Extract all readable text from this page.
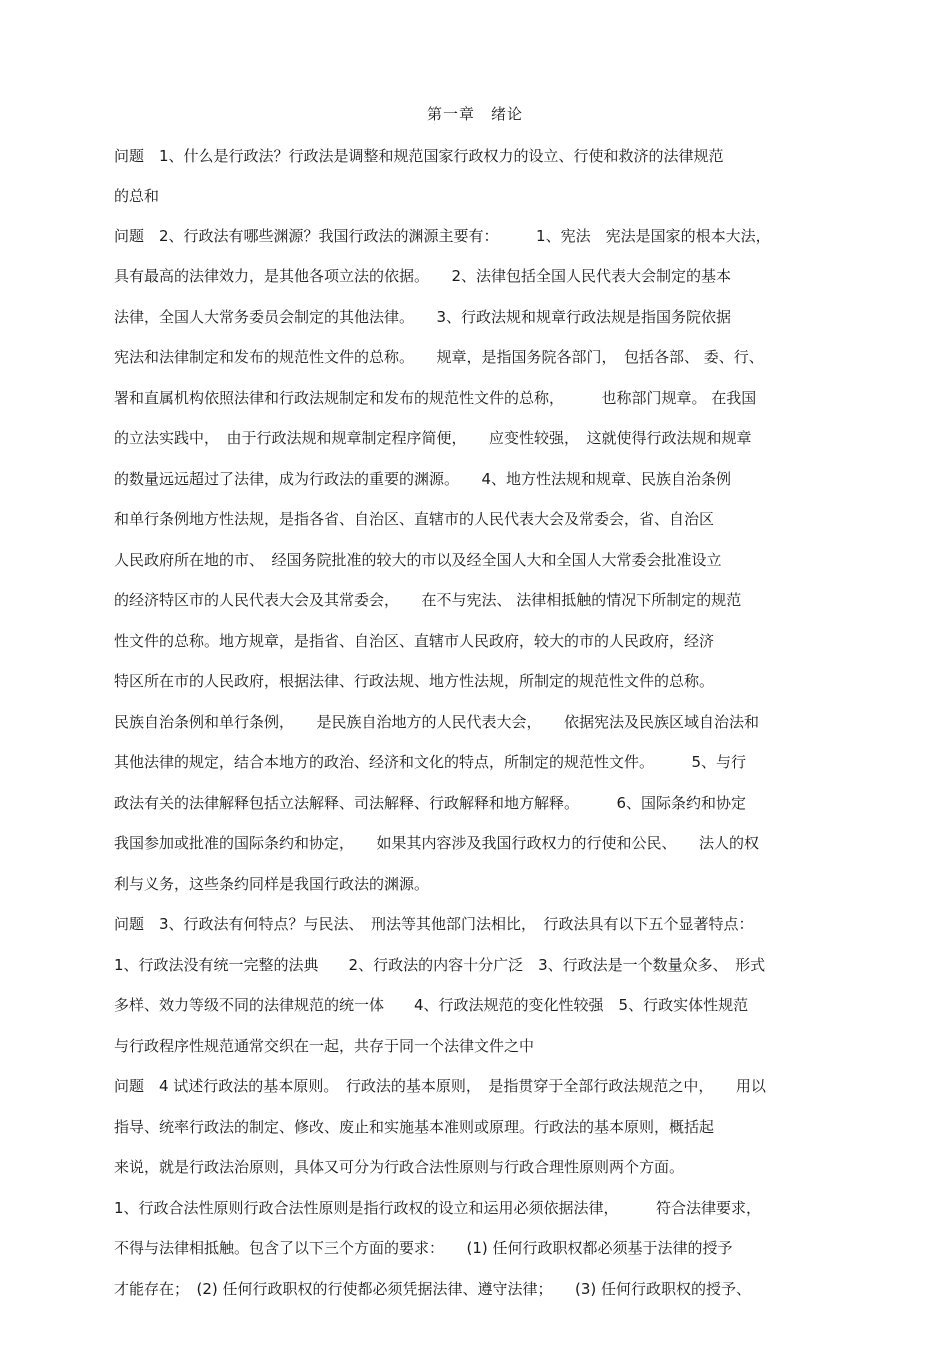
第一章　绪论
问题　1、什么是行政法？行政法是调整和规范国家行政权力的设立、行使和救济的法律规范
的总和
问题　2、行政法有哪些渊源？我国行政法的渊源主要有：　　　1、宪法　宪法是国家的根本大法，
具有最高的法律效力，是其他各项立法的依据。　　2、法律包括全国人民代表大会制定的基本
法律，全国人大常务委员会制定的其他法律。　　3、行政法规和规章行政法规是指国务院依据
宪法和法律制定和发布的规范性文件的总称。　　规章，是指国务院各部门，　包括各部、 委、行、
署和直属机构依照法律和行政法规制定和发布的规范性文件的总称，　　　也称部门规章。 在我国
的立法实践中，　由于行政法规和规章制定程序简便，　　应变性较强，　这就使得行政法规和规章
的数量远远超过了法律，成为行政法的重要的渊源。　　4、地方性法规和规章、民族自治条例
和单行条例地方性法规，是指各省、自治区、直辖市的人民代表大会及常委会，省、自治区
人民政府所在地的市、　经国务院批准的较大的市以及经全国人大和全国人大常委会批准设立
的经济特区市的人民代表大会及其常委会，　　在不与宪法、 法律相抵触的情况下所制定的规范
性文件的总称。地方规章，是指省、自治区、直辖市人民政府，较大的市的人民政府，经济
特区所在市的人民政府，根据法律、行政法规、地方性法规，所制定的规范性文件的总称。
民族自治条例和单行条例，　　是民族自治地方的人民代表大会，　　依据宪法及民族区域自治法和
其他法律的规定，结合本地方的政治、经济和文化的特点，所制定的规范性文件。　　　5、与行
政法有关的法律解释包括立法解释、司法解释、行政解释和地方解释。　　　6、国际条约和协定
我国参加或批准的国际条约和协定，　　如果其内容涉及我国行政权力的行使和公民、　　法人的权
利与义务，这些条约同样是我国行政法的渊源。
问题　3、行政法有何特点？与民法、　刑法等其他部门法相比，　行政法具有以下五个显著特点：
1、行政法没有统一完整的法典　　2、行政法的内容十分广泛　3、行政法是一个数量众多、　形式
多样、效力等级不同的法律规范的统一体　　4、行政法规范的变化性较强　5、行政实体性规范
与行政程序性规范通常交织在一起，共存于同一个法律文件之中
问题　4 试述行政法的基本原则。　行政法的基本原则，　是指贯穿于全部行政法规范之中，　　用以
指导、统率行政法的制定、修改、废止和实施基本准则或原理。行政法的基本原则，概括起
来说，就是行政法治原则，具体又可分为行政合法性原则与行政合理性原则两个方面。
1、行政合法性原则行政合法性原则是指行政权的设立和运用必须依据法律，　　　符合法律要求，
不得与法律相抵触。包含了以下三个方面的要求：　　(1) 任何行政职权都必须基于法律的授予
才能存在；　(2) 任何行政职权的行使都必须凭据法律、遵守法律；　　(3) 任何行政职权的授予、
